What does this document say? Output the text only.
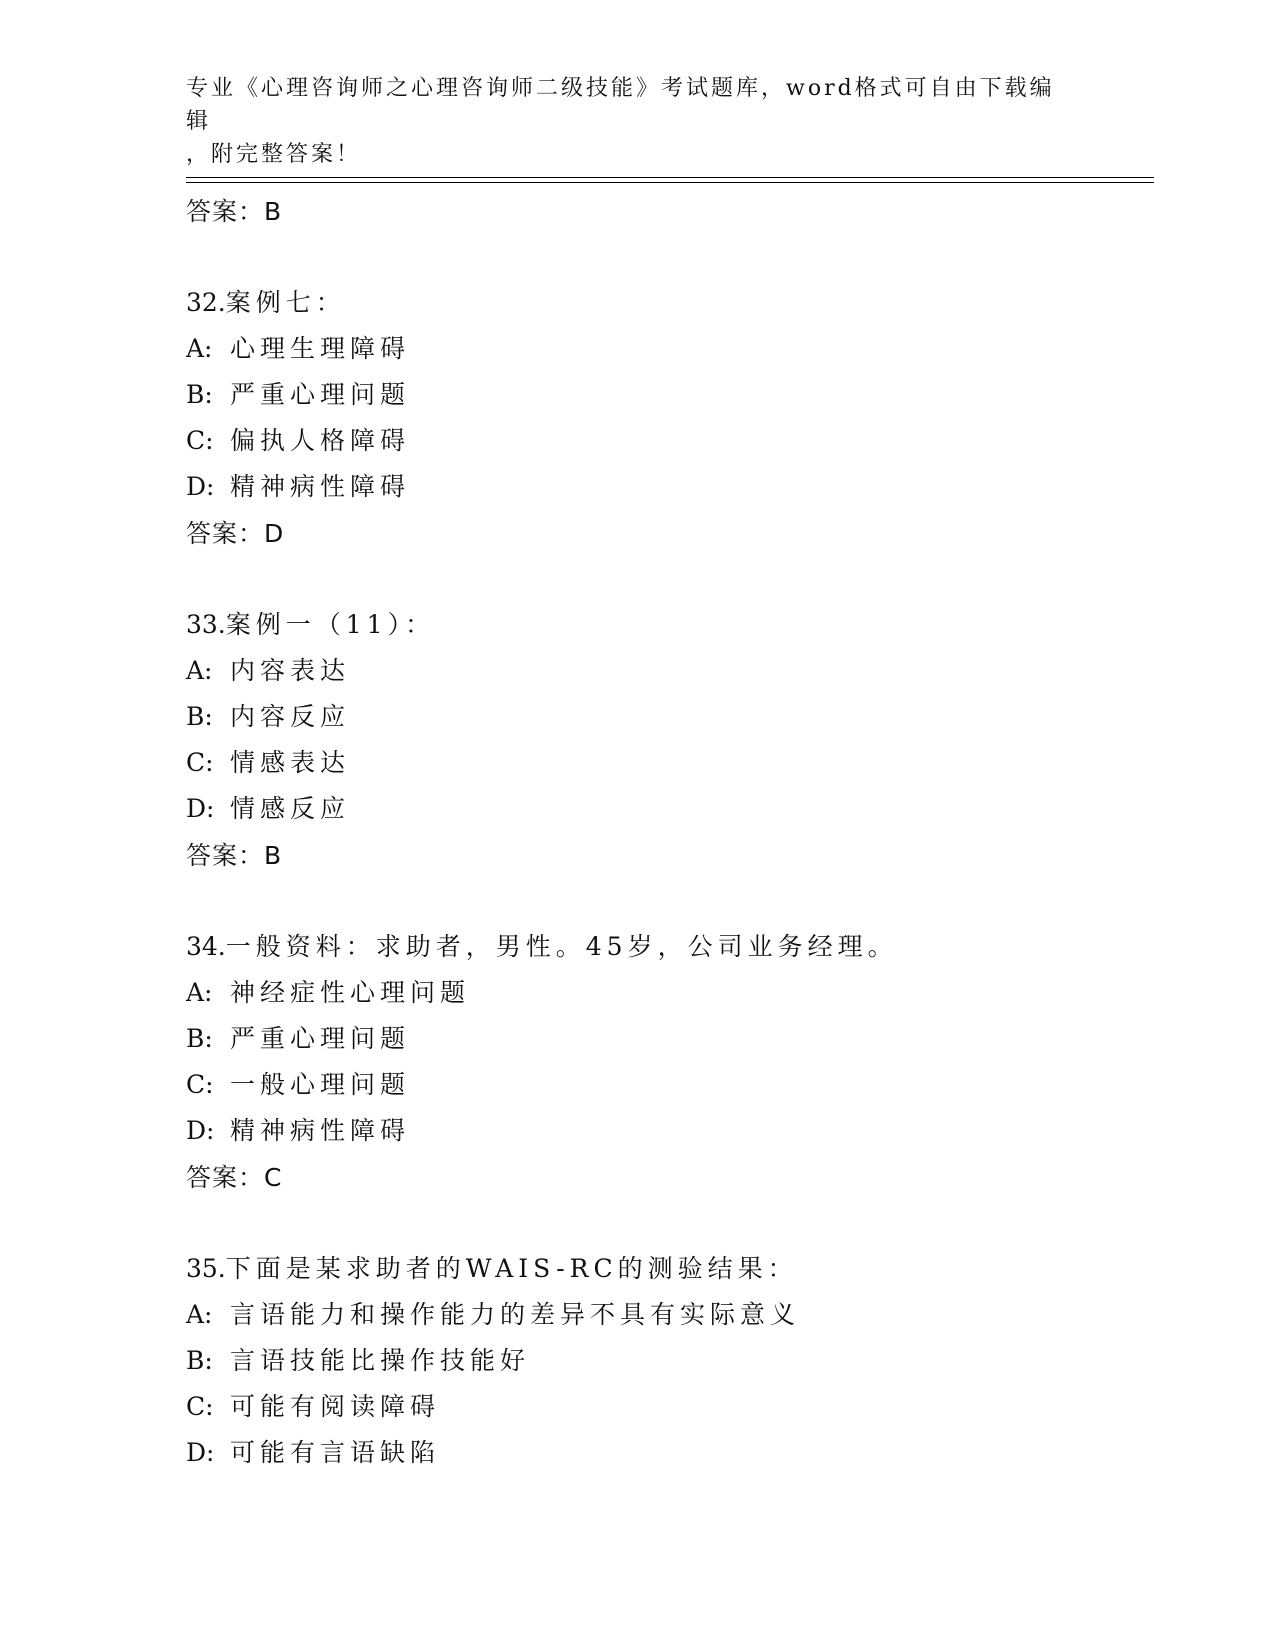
专业《心理咨询师之心理咨询师二级技能》考试题库，word格式可自由下载编辑
，附完整答案！
答案：B
32.案例七：
A: 心理生理障碍
B: 严重心理问题
C: 偏执人格障碍
D: 精神病性障碍
答案：D
33.案例一（11）：
A: 内容表达
B: 内容反应
C: 情感表达
D: 情感反应
答案：B
34.一般资料：求助者，男性。45岁，公司业务经理。
A: 神经症性心理问题
B: 严重心理问题
C: 一般心理问题
D: 精神病性障碍
答案：C
35.下面是某求助者的WAIS-RC的测验结果：
A: 言语能力和操作能力的差异不具有实际意义
B: 言语技能比操作技能好
C: 可能有阅读障碍
D: 可能有言语缺陷
